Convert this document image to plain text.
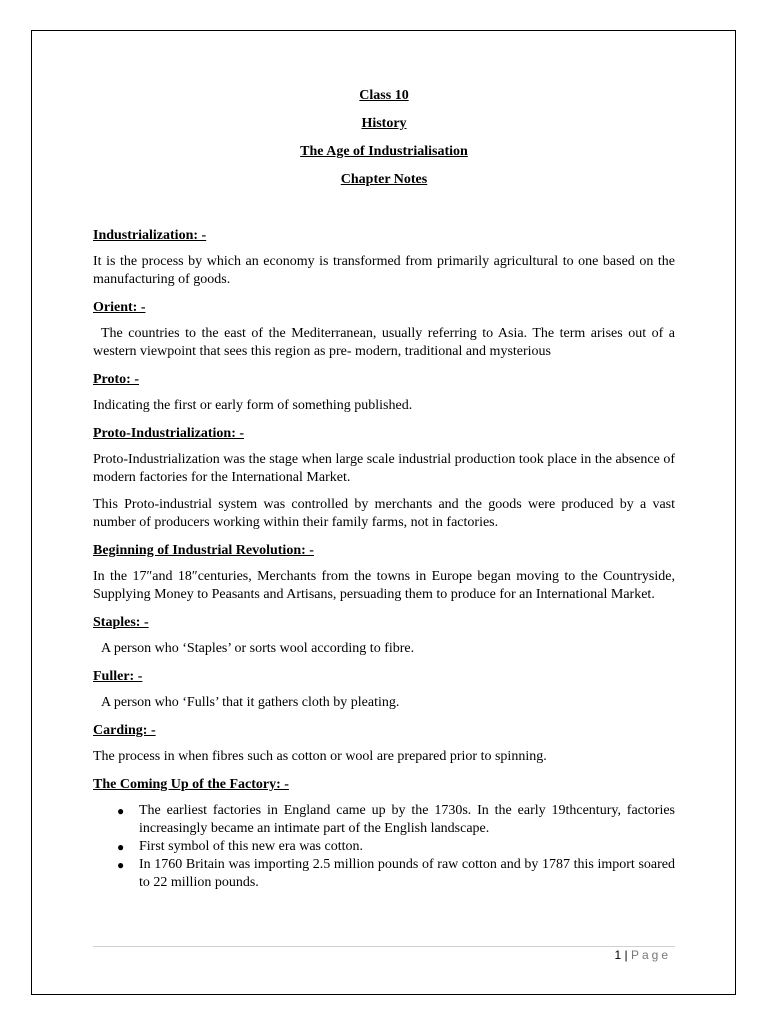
Class 10

History

The Age of Industrialisation

Chapter Notes

Industrialization: -

It is the process by which an economy is transformed from primarily agricultural to one based on the manufacturing of goods.

Orient: -

The countries to the east of the Mediterranean, usually referring to Asia. The term arises out of a western viewpoint that sees this region as pre- modern, traditional and mysterious

Proto: -

Indicating the first or early form of something published.

Proto-Industrialization: -

Proto-Industrialization was the stage when large scale industrial production took place in the absence of modern factories for the International Market.

This Proto-industrial system was controlled by merchants and the goods were produced by a vast number of producers working within their family farms, not in factories.

Beginning of Industrial Revolution: -

In the 17″and 18″centuries, Merchants from the towns in Europe began moving to the Countryside, Supplying Money to Peasants and Artisans, persuading them to produce for an International Market.

Staples: -

A person who ‘Staples’ or sorts wool according to fibre.

Fuller: -

A person who ‘Fulls’ that it gathers cloth by pleating.

Carding: -

The process in when fibres such as cotton or wool are prepared prior to spinning.

The Coming Up of the Factory: -

● The earliest factories in England came up by the 1730s. In the early 19thcentury, factories increasingly became an intimate part of the English landscape.
● First symbol of this new era was cotton.
● In 1760 Britain was importing 2.5 million pounds of raw cotton and by 1787 this import soared to 22 million pounds.
1 | Page
